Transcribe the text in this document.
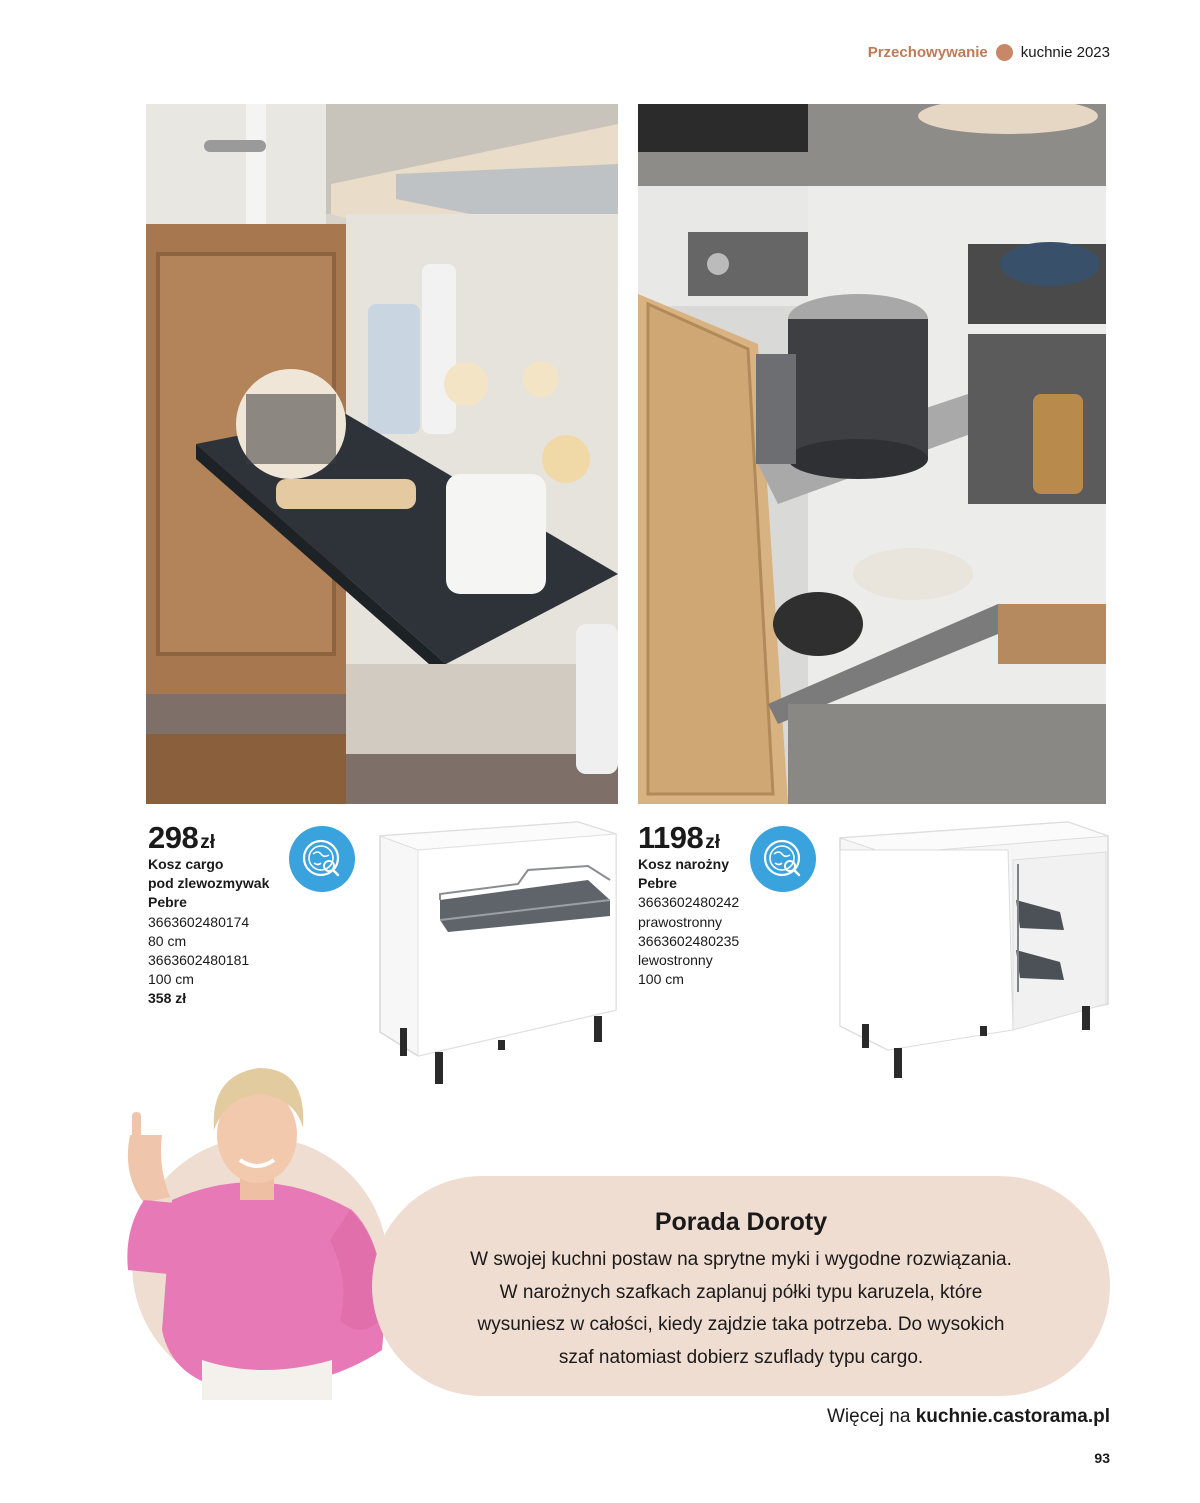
Przechowywanie kuchnie 2023
298 zł
Kosz cargo
pod zlewozmywak
Pebre
3663602480174
80 cm
3663602480181
100 cm
358 zł
1198 zł
Kosz narożny
Pebre
3663602480242
prawostronny
3663602480235
lewostronny
100 cm
Porada Doroty
W swojej kuchni postaw na sprytne myki i wygodne rozwiązania.
W narożnych szafkach zaplanuj półki typu karuzela, które
wysuniesz w całości, kiedy zajdzie taka potrzeba. Do wysokich
szaf natomiast dobierz szuflady typu cargo.
Więcej na kuchnie.castorama.pl
93
